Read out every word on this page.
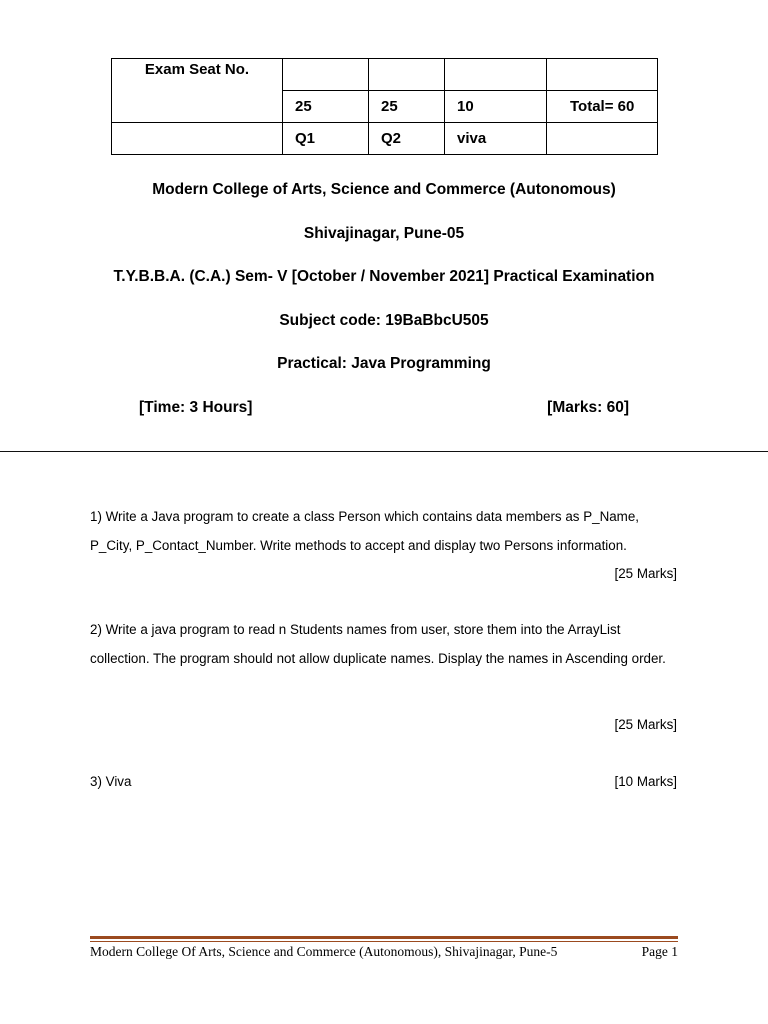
Exam Seat No.				
	25	25	10	Total= 60
	Q1	Q2	viva	
Modern College of Arts, Science and Commerce (Autonomous)
Shivajinagar, Pune-05
T.Y.B.B.A. (C.A.) Sem- V [October / November 2021] Practical Examination
Subject code: 19BaBbcU505
Practical: Java Programming
[Time: 3 Hours]	[Marks: 60]
1) Write a Java program to create a class Person which contains data members as P_Name, P_City, P_Contact_Number. Write methods to accept and display two Persons information.
[25 Marks]
2) Write a java program to read n Students names from user, store them into the ArrayList collection. The program should not allow duplicate names. Display the names in Ascending order.
[25 Marks]
3) Viva	[10 Marks]
Modern College Of Arts, Science and Commerce (Autonomous), Shivajinagar, Pune-5	Page 1
